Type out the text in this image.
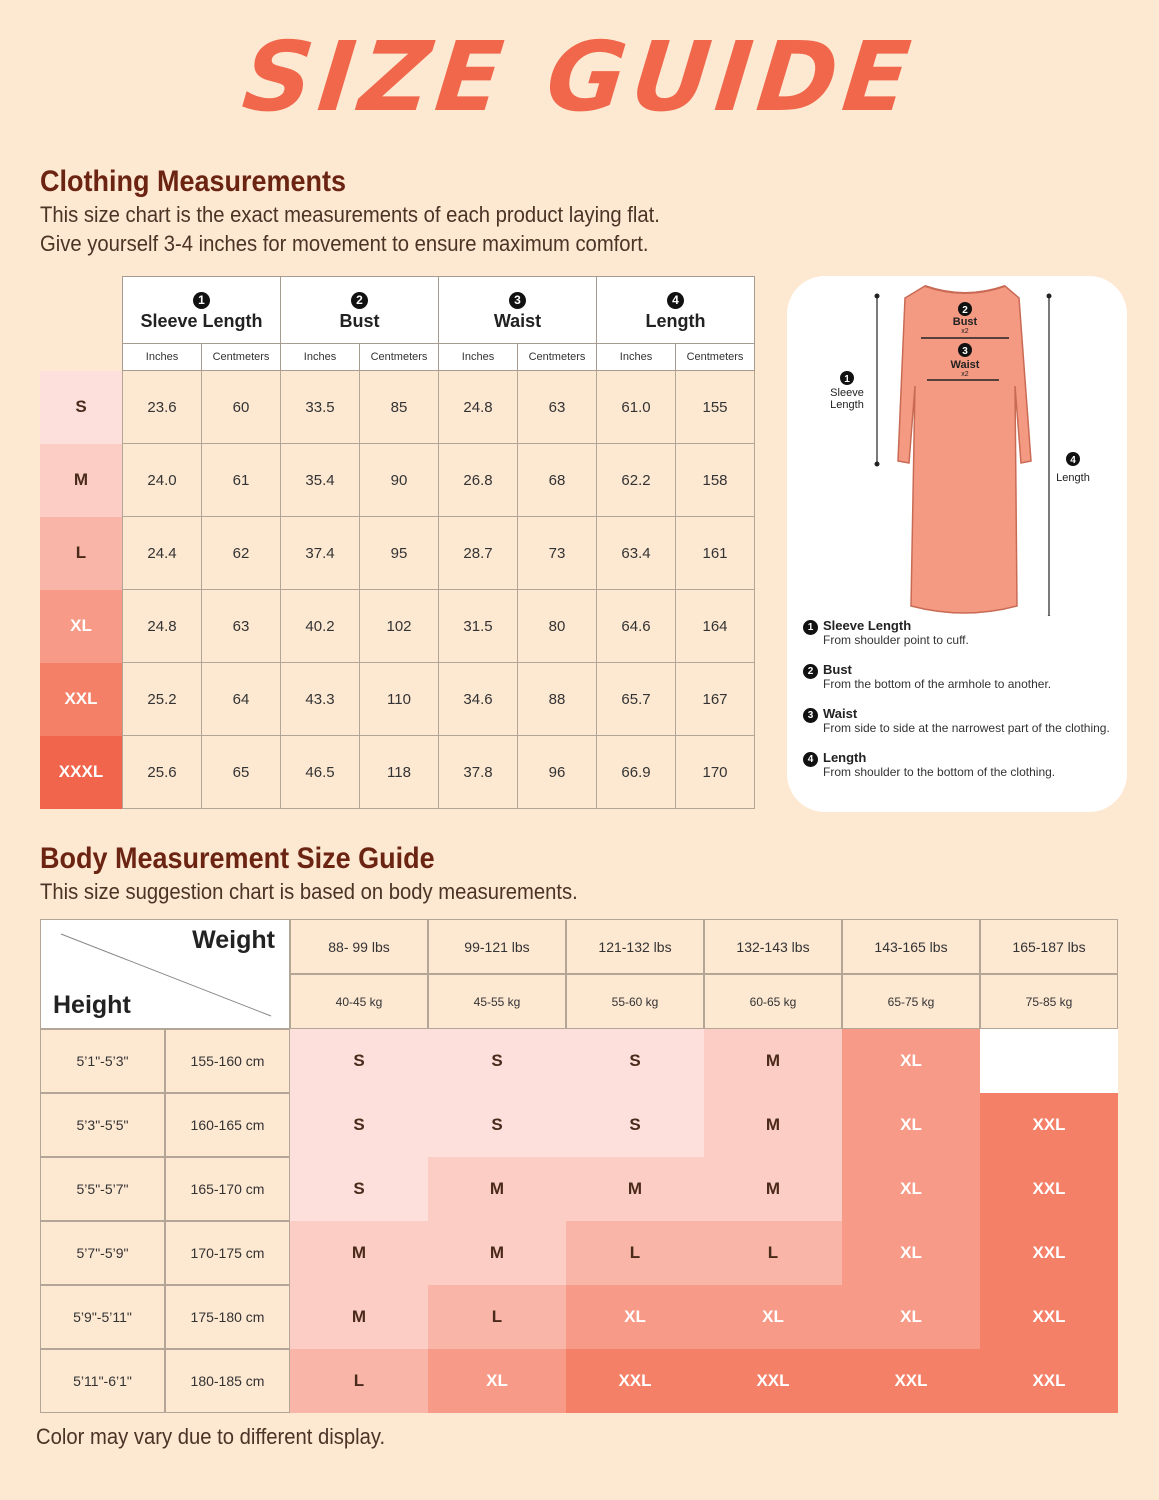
SIZE GUIDE
Clothing Measurements
This size chart is the exact measurements of each product laying flat.
Give yourself 3-4 inches for movement to ensure maximum comfort.
	1
Sleeve Length		2
Bust		3
Waist		4
Length	
	Inches	Centmeters	Inches	Centmeters	Inches	Centmeters	Inches	Centmeters
S	23.6	60	33.5	85	24.8	63	61.0	155
M	24.0	61	35.4	90	26.8	68	62.2	158
L	24.4	62	37.4	95	28.7	73	63.4	161
XL	24.8	63	40.2	102	31.5	80	64.6	164
XXL	25.2	64	43.3	110	34.6	88	65.7	167
XXXL	25.6	65	46.5	118	37.8	96	66.9	170
2
3
1
4
Bust
x2
Waist
x2
Sleeve
Length
Length
1 Sleeve Length
From shoulder point to cuff.
2 Bust
From the bottom of the armhole to another.
3 Waist
From side to side at the narrowest part of the clothing.
4 Length
From shoulder to the bottom of the clothing.
Body Measurement Size Guide
This size suggestion chart is based on body measurements.
Weight
Height
88- 99 lbs
40-45 kg
99-121 lbs
45-55 kg
121-132 lbs
55-60 kg
132-143 lbs
60-65 kg
143-165 lbs
65-75 kg
165-187 lbs
75-85 kg
5’1"-5’3"	155-160 cm	S	S	S	M	XL
5’3"-5’5"	160-165 cm	S	S	S	M	XL	XXL
5’5"-5’7"	165-170 cm	S	M	M	M	XL	XXL
5’7"-5’9"	170-175 cm	M	M	L	L	XL	XXL
5’9"-5’11"	175-180 cm	M	L	XL	XL	XL	XXL
5’11"-6’1"	180-185 cm	L	XL	XXL	XXL	XXL	XXL
Color may vary due to different display.
